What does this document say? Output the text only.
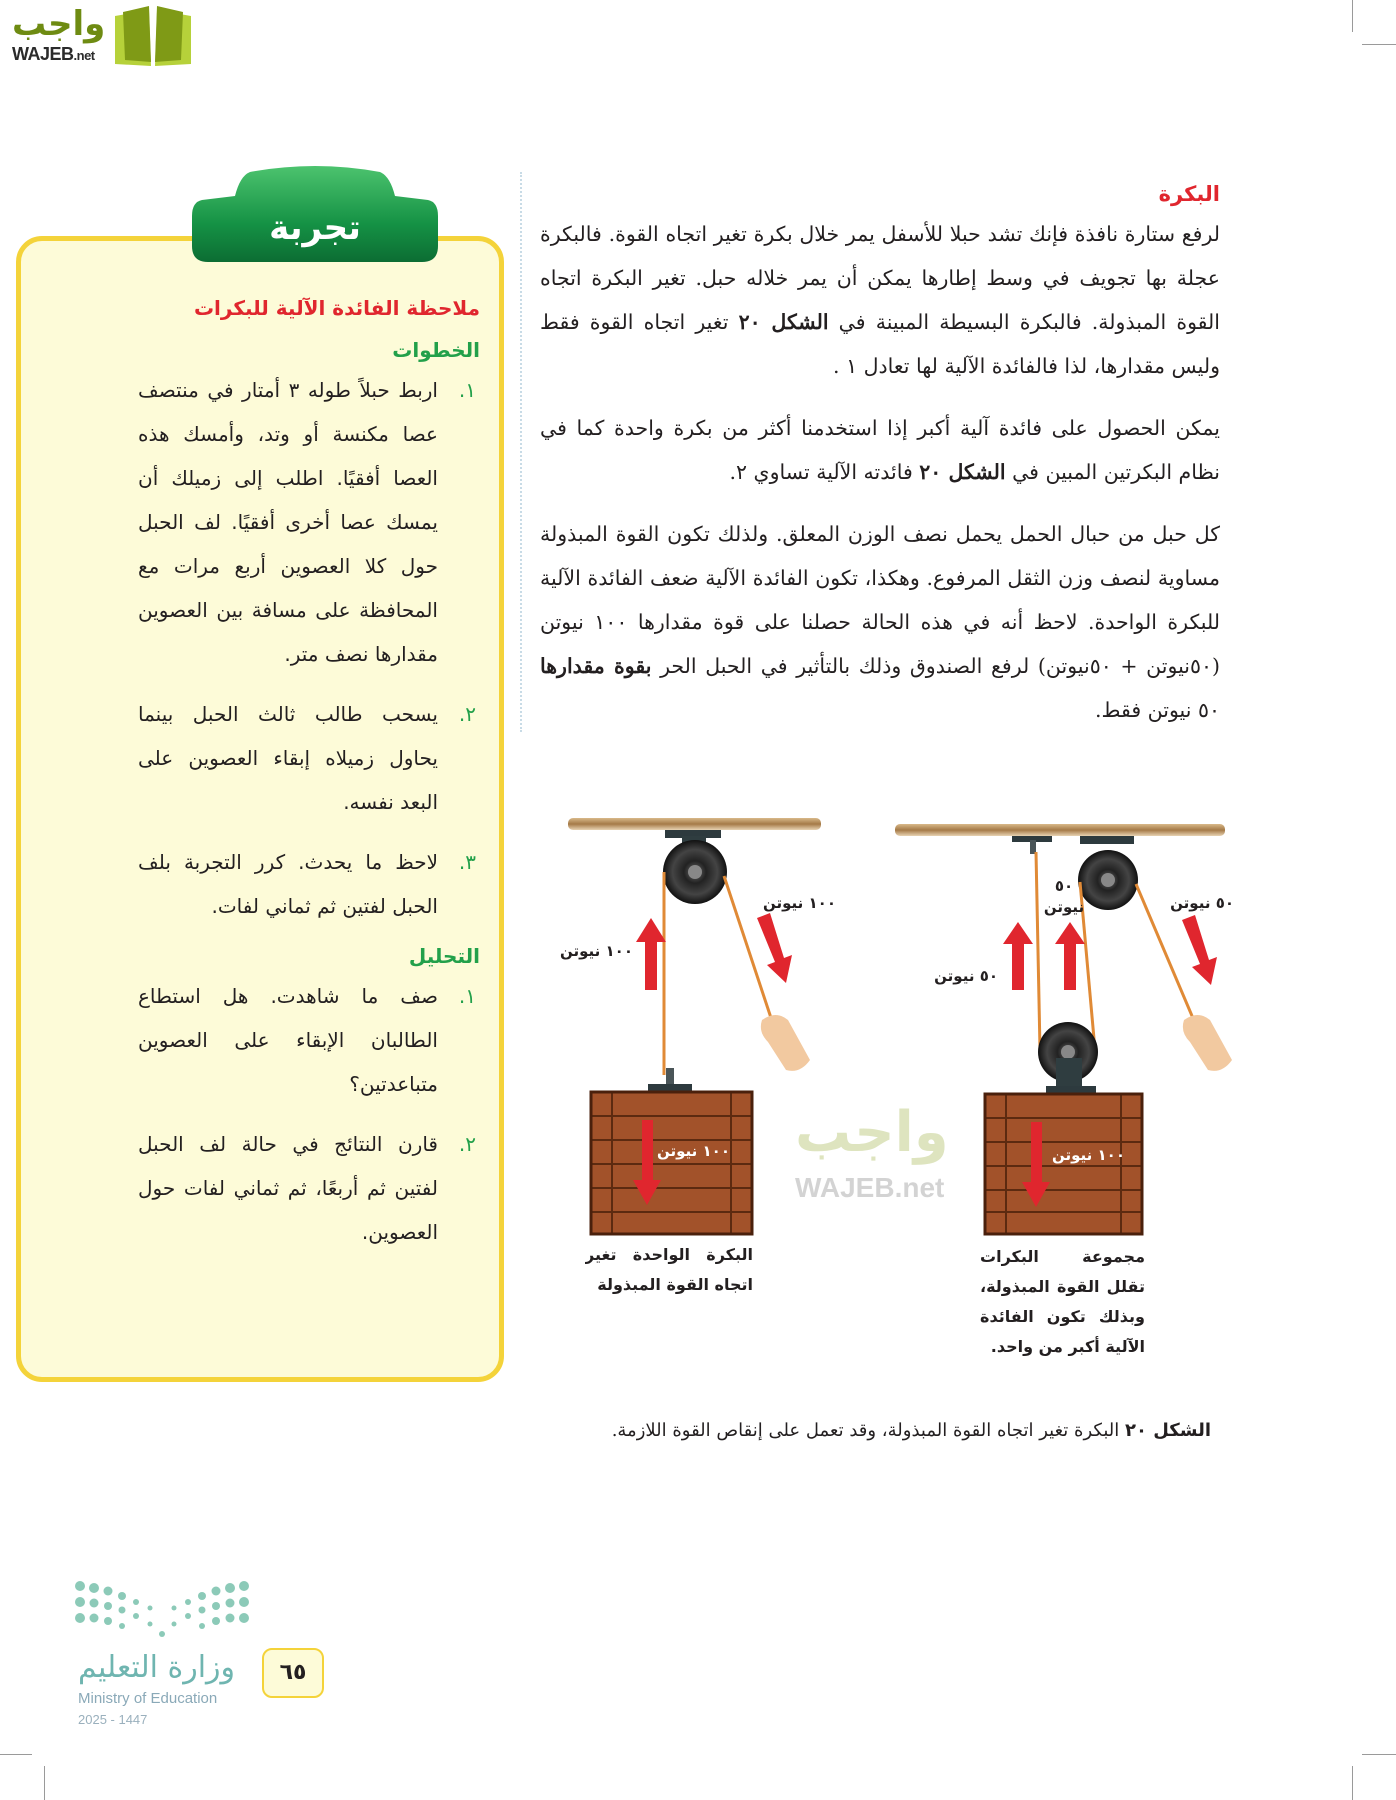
واجب
WAJEB.net
البكرة

لرفع ستارة نافذة فإنك تشد حبلا للأسفل يمر خلال بكرة تغير اتجاه القوة. فالبكرة عجلة بها تجويف في وسط إطارها يمكن أن يمر خلاله حبل. تغير البكرة اتجاه القوة المبذولة. فالبكرة البسيطة المبينة في الشكل ٢٠ تغير اتجاه القوة فقط وليس مقدارها، لذا فالفائدة الآلية لها تعادل ١ .

يمكن الحصول على فائدة آلية أكبر إذا استخدمنا أكثر من بكرة واحدة كما في نظام البكرتين المبين في الشكل ٢٠ فائدته الآلية تساوي ٢.

كل حبل من حبال الحمل يحمل نصف الوزن المعلق. ولذلك تكون القوة المبذولة مساوية لنصف وزن الثقل المرفوع. وهكذا، تكون الفائدة الآلية ضعف الفائدة الآلية للبكرة الواحدة. لاحظ أنه في هذه الحالة حصلنا على قوة مقدارها ١٠٠ نيوتن (٥٠نيوتن + ٥٠نيوتن) لرفع الصندوق وذلك بالتأثير في الحبل الحر بقوة مقدارها ٥٠ نيوتن فقط.

تجربة
ملاحظة الفائدة الآلية للبكرات
الخطوات
١.
اربط حبلاً طوله ٣ أمتار في منتصف عصا مكنسة أو وتد، وأمسك هذه العصا أفقيًا. اطلب إلى زميلك أن يمسك عصا أخرى أفقيًا. لف الحبل حول كلا العصوين أربع مرات مع المحافظة على مسافة بين العصوين مقدارها نصف متر.
٢.
يسحب طالب ثالث الحبل بينما يحاول زميلاه إبقاء العصوين على البعد نفسه.
٣.
لاحظ ما يحدث. كرر التجربة بلف الحبل لفتين ثم ثماني لفات.
التحليل
١.
صف ما شاهدت. هل استطاع الطالبان الإبقاء على العصوين متباعدتين؟
٢.
قارن النتائج في حالة لف الحبل لفتين ثم أربعًا، ثم ثماني لفات حول العصوين.
واجب
WAJEB.net
١٠٠ نيوتن
١٠٠ نيوتن
١٠٠ نيوتن
البكرة الواحدة تغير اتجاه القوة المبذولة
٥٠ نيوتن
٥٠
نيوتن	٥٠ نيوتن
١٠٠ نيوتن
مجموعة البكرات تقلل القوة المبذولة، وبذلك تكون الفائدة الآلية أكبر من واحد.
الشكل ٢٠ البكرة تغير اتجاه القوة المبذولة، وقد تعمل على إنقاص القوة اللازمة.
وزارة التعليم
Ministry of Education
2025 - 1447
٦٥
